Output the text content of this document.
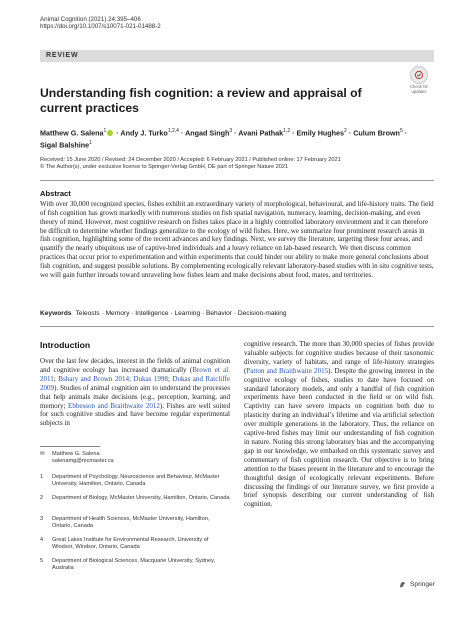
Animal Cognition (2021) 24:395–406
https://doi.org/10.1007/s10071-021-01488-2
REVIEW
Check for
updates
Understanding fish cognition: a review and appraisal of current practices
Matthew G. Salena$^1$ · Andy J. Turko$^{1,2,4}$ · Angad Singh$^3$ · Avani Pathak$^{1,2}$ · Emily Hughes$^2$ · Culum Brown$^5$ ·
Sigal Balshine$^1$
Received: 15 June 2020 / Revised: 24 December 2020 / Accepted: 6 February 2021 / Published online: 17 February 2021
© The Author(s), under exclusive licence to Springer-Verlag GmbH, DE part of Springer Nature 2021
Abstract
With over 30,000 recognized species, fishes exhibit an extraordinary variety of morphological, behavioural, and life-history traits. The field of fish cognition has grown markedly with numerous studies on fish spatial navigation, numeracy, learning, decision-making, and even theory of mind. However, most cognitive research on fishes takes place in a highly controlled laboratory environment and it can therefore be difficult to determine whether findings generalize to the ecology of wild fishes. Here, we summarize four prominent research areas in fish cognition, highlighting some of the recent advances and key findings. Next, we survey the literature, targeting these four areas, and quantify the nearly ubiquitous use of captive-bred individuals and a heavy reliance on lab-based research. We then discuss common practices that occur prior to experimentation and within experiments that could hinder our ability to make more general conclusions about fish cognition, and suggest possible solutions. By complementing ecologically relevant laboratory-based studies with in situ cognitive tests, we will gain further inroads toward unraveling how fishes learn and make decisions about food, mates, and territories.
Keywords Teleosts · Memory · Intelligence · Learning · Behavior · Decision-making
Introduction
Over the last few decades, interest in the fields of animal cognition and cognitive ecology has increased dramatically (Brown et al. 2011; Bshary and Brown 2014; Dukas 1998; Dukas and Ratcliffe 2009). Studies of animal cognition aim to understand the processes that help animals make decisions (e.g., perception, learning, and memory; Ebbesson and Braithwaite 2012). Fishes are well suited for such cognitive studies and have become regular experimental subjects in
cognitive research. The more than 30,000 species of fishes provide valuable subjects for cognitive studies because of their taxonomic diversity, variety of habitats, and range of life-history strategies (Patton and Braithwaite 2015). Despite the growing interest in the cognitive ecology of fishes, studies to date have focused on standard laboratory models, and only a handful of fish cognition experiments have been conducted in the field or on wild fish. Captivity can have severe impacts on cognition both due to plasticity during an individual’s lifetime and via artificial selection over multiple generations in the laboratory. Thus, the reliance on captive-bred fishes may limit our understanding of fish cognition in nature. Noting this strong laboratory bias and the accompanying gap in our knowledge, we embarked on this systematic survey and commentary of fish cognition research. Our objective is to bring attention to the biases present in the literature and to encourage the thoughtful design of ecologically relevant experiments. Before discussing the findings of our literature survey, we first provide a brief synopsis describing our current understanding of fish cognition.
✉	Matthew G. Salena
salenamg@mcmaster.ca
1	Department of Psychology, Neuroscience and Behaviour, McMaster University, Hamilton, Ontario, Canada
2	Department of Biology, McMaster University, Hamilton, Ontario, Canada
3	Department of Health Sciences, McMaster University, Hamilton, Ontario, Canada
4	Great Lakes Institute for Environmental Research, University of Windsor, Windsor, Ontario, Canada
5	Department of Biological Sciences, Macquarie University, Sydney, Australia
Springer
